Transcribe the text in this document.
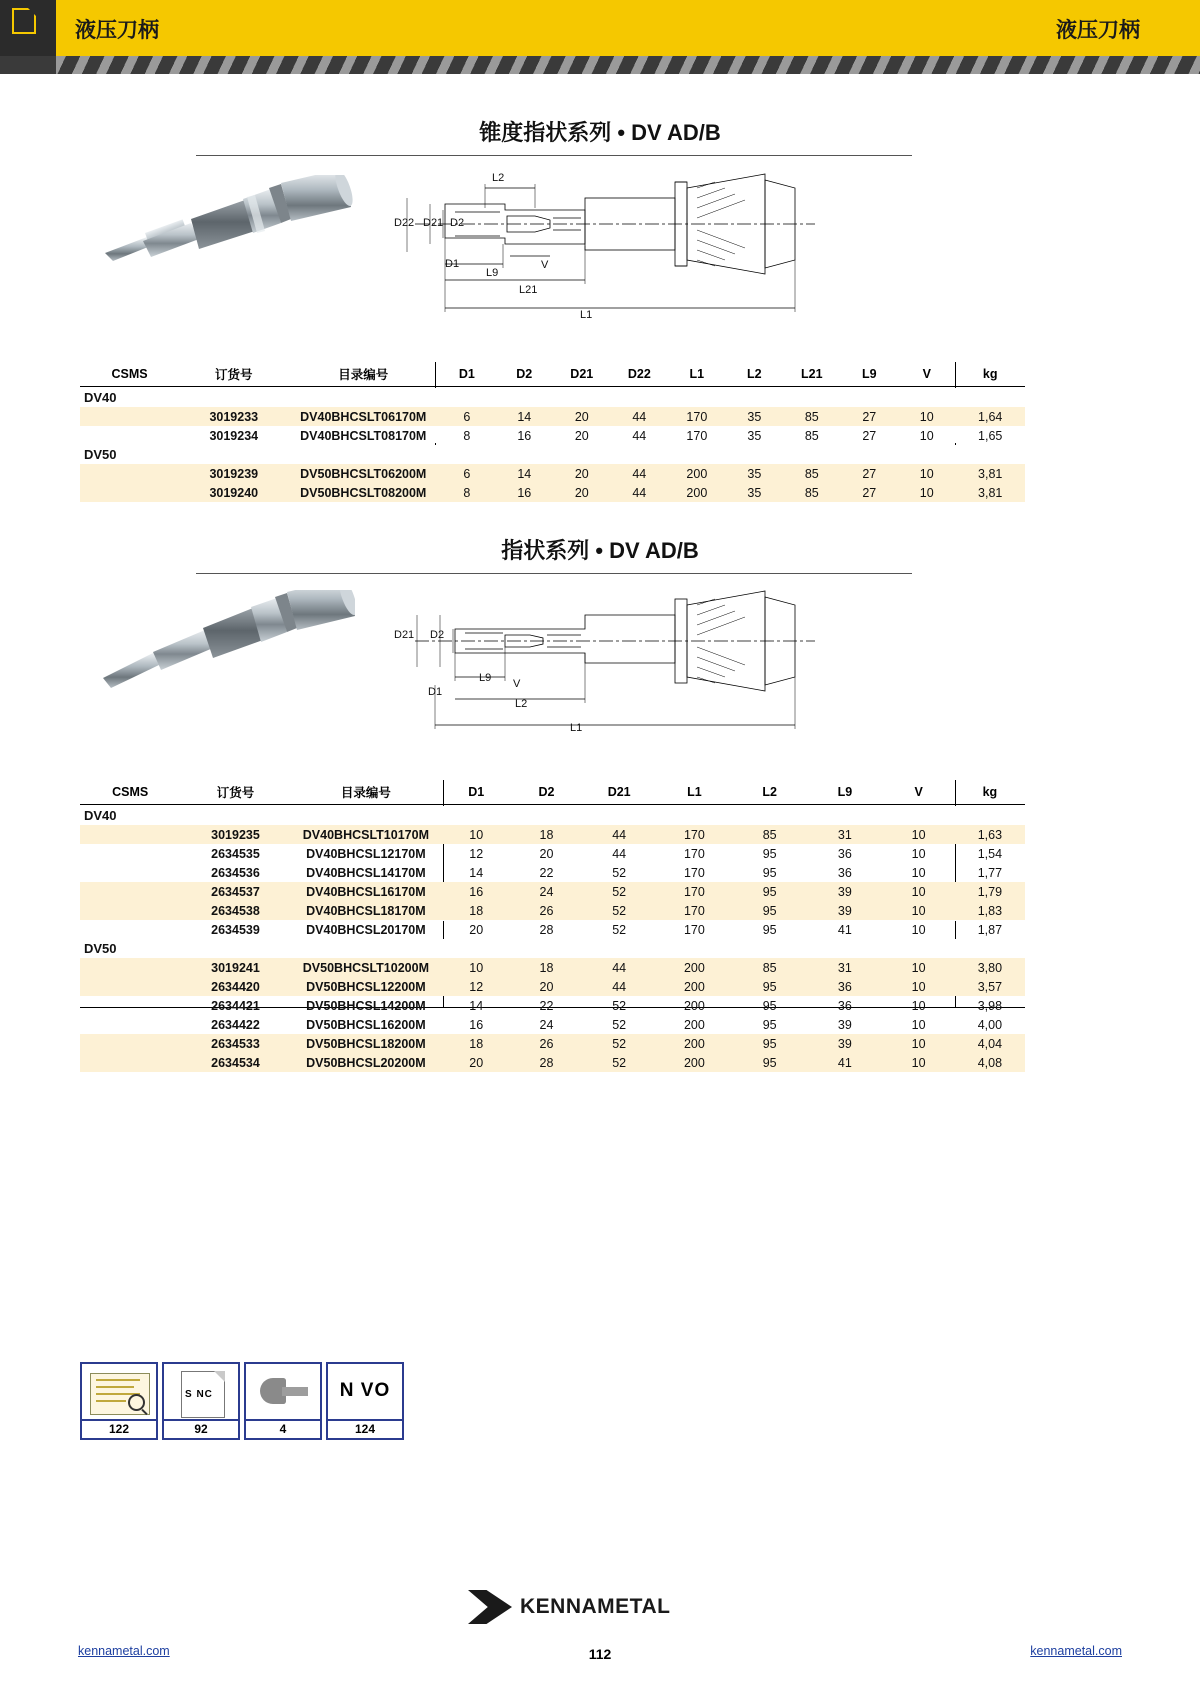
液压刀柄	液压刀柄
锥度指状系列 • DV AD/B
L2
D22 D21 D2
D1
L9
V
L21
L1
CSMS	订货号	目录编号	D1	D2	D21	D22	L1	L2	L21	L9	V	kg
DV40												
	3019233	DV40BHCSLT06170M	6	14	20	44	170	35	85	27	10	1,64
	3019234	DV40BHCSLT08170M	8	16	20	44	170	35	85	27	10	1,65
DV50												
	3019239	DV50BHCSLT06200M	6	14	20	44	200	35	85	27	10	3,81
	3019240	DV50BHCSLT08200M	8	16	20	44	200	35	85	27	10	3,81
指状系列 • DV AD/B
D21 D2
D1
L9 V
L2
L1
CSMS	订货号	目录编号	D1	D2	D21	L1	L2	L9	V	kg
DV40										
	3019235	DV40BHCSLT10170M	10	18	44	170	85	31	10	1,63
	2634535	DV40BHCSL12170M	12	20	44	170	95	36	10	1,54
	2634536	DV40BHCSL14170M	14	22	52	170	95	36	10	1,77
	2634537	DV40BHCSL16170M	16	24	52	170	95	39	10	1,79
	2634538	DV40BHCSL18170M	18	26	52	170	95	39	10	1,83
	2634539	DV40BHCSL20170M	20	28	52	170	95	41	10	1,87
DV50										
	3019241	DV50BHCSLT10200M	10	18	44	200	85	31	10	3,80
	2634420	DV50BHCSL12200M	12	20	44	200	95	36	10	3,57
	2634421	DV50BHCSL14200M	14	22	52	200	95	36	10	3,98
	2634422	DV50BHCSL16200M	16	24	52	200	95	39	10	4,00
	2634533	DV50BHCSL18200M	18	26	52	200	95	39	10	4,04
	2634534	DV50BHCSL20200M	20	28	52	200	95	41	10	4,08
122
S NC
92	4
N VO
124
KENNAMETAL
112
kennametal.com	kennametal.com
